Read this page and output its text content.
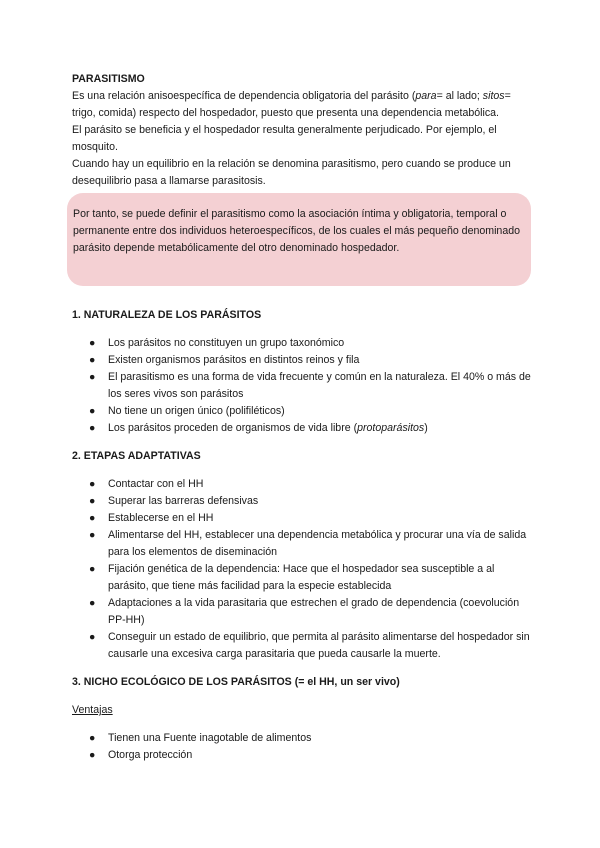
Por tanto, se puede definir el parasitismo como la asociación íntima y obligatoria, temporal o permanente entre dos individuos heteroespecíficos, de los cuales el más pequeño denominado parásito depende metabólicamente del otro denominado hospedador.

PARASITISMO

Es una relación anisoespecífica de dependencia obligatoria del parásito (para= al lado; sitos= trigo, comida) respecto del hospedador, puesto que presenta una dependencia metabólica.

El parásito se beneficia y el hospedador resulta generalmente perjudicado. Por ejemplo, el mosquito.

Cuando hay un equilibrio en la relación se denomina parasitismo, pero cuando se produce un desequilibrio pasa a llamarse parasitosis.

1. NATURALEZA DE LOS PARÁSITOS

● Los parásitos no constituyen un grupo taxonómico
● Existen organismos parásitos en distintos reinos y fila
● El parasitismo es una forma de vida frecuente y común en la naturaleza. El 40% o más de los seres vivos son parásitos
● No tiene un origen único (polifiléticos)
● Los parásitos proceden de organismos de vida libre (protoparásitos)

2. ETAPAS ADAPTATIVAS

● Contactar con el HH
● Superar las barreras defensivas
● Establecerse en el HH
● Alimentarse del HH, establecer una dependencia metabólica y procurar una vía de salida para los elementos de diseminación
● Fijación genética de la dependencia: Hace que el hospedador sea susceptible a al parásito, que tiene más facilidad para la especie establecida
● Adaptaciones a la vida parasitaria que estrechen el grado de dependencia (coevolución PP-HH)
● Conseguir un estado de equilibrio, que permita al parásito alimentarse del hospedador sin causarle una excesiva carga parasitaria que pueda causarle la muerte.

3. NICHO ECOLÓGICO DE LOS PARÁSITOS (= el HH, un ser vivo)

Ventajas

● Tienen una Fuente inagotable de alimentos
● Otorga protección
